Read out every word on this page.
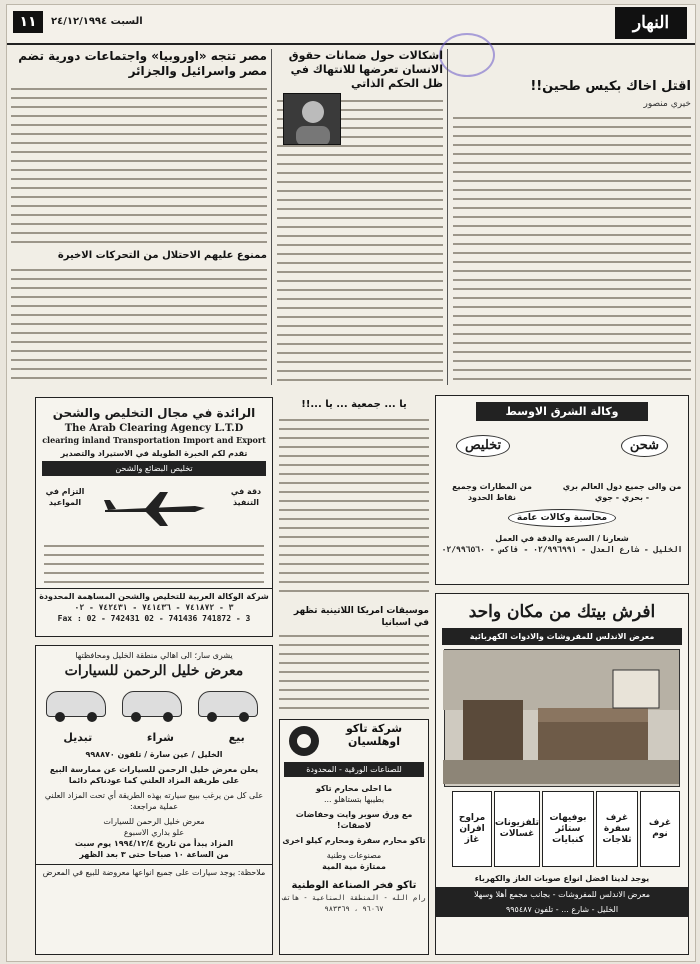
النهار
١١	السبت ٢٤/١٢/١٩٩٤
اقتل اخاك بكيس طحين!!
خيري منصور
اشكالات حول ضمانات حقوق الانسان تعرضها للانتهاك في ظل الحكم الذاتي
مصر تتجه «اوروبيا» واجتماعات دورية تضم مصر واسرائيل والجزائر
ممنوع عليهم الاحتلال من التحركات الاخيرة
الرائدة في مجال التخليص والشحن
The Arab Clearing Agency L.T.D
clearing inland Transportation Import and Export
تقدم لكم الخبرة الطويلة في الاستيراد والتصدير
تخليص البضائع والشحن
دقة في التنفيذ
التزام في المواعيد
شركة الوكالة العربية للتخليص والشحن المساهمة المحدودة
٣ - ٧٤١٨٧٢ - ٧٤١٤٣٦ - ٧٤٢٤٣١ - ٠٢
Fax : 02 - 742431 02 - 741436 741872 - 3
يا ... جمعية ... يا ...!!
موسيقات امريكا اللاتينية تظهر في اسبانيا
وكالة الشرق الاوسط
شحن
تخليص
من والى جميع دول العالم بري - بحري - جوي
من المطارات وجميع نقاط الحدود
محاسبة وكالات عامة
شعارنا / السرعة والدقة في العمل
الخليل - شارع العدل - ٠٢/٩٩٦٩٩١ - فاكس - ٠٢/٩٩٦٥٦٠
افرش بيتك من مكان واحد
معرض الاندلس للمفروشات والادوات الكهربائية
غرف نوم
غرف سفرة ثلاجات
بوفيهات ستائر كنبايات
تلفزيونات غسالات
مراوح افران غاز
يوجد لدينا افضل انواع صوبات الغاز والكهرباء
معرض الاندلس للمفروشات - بجانب مجمع أهلا وسهلا
الخليل - شارع ... - تلفون ٩٩٥٤٨٧
يشرى سار؛ الى اهالي منطقة الخليل ومحافظتها
معرض خليل الرحمن للسيارات
بيع
شراء
تبديل
الخليل / عين سارة / تلفون ٩٩٨٨٧٠
يعلن معرض خليل الرحمن للسيارات عن ممارسة البيع على طريقة المزاد العلني كما عودناكم دائما
على كل من يرغب ببيع سيارته بهذه الطريقة أي تحت المزاد العلني عملية مراجعة:
معرض خليل الرحمن للسيارات
علو بداري الاسبوع
المزاد يبدأ من تاريخ ١٩٩٤/١٢/٤ يوم سبت
من الساعة ١٠ صباحا حتى ٣ بعد الظهر
ملاحظة: يوجد سيارات على جميع انواعها معروضة للبيع في المعرض
شركة تاكو اوهلسيان
للصناعات الورقية - المحدودة
ما احلى محارم تاكو
بطيبها بتستاهلو ...
مع ورق سوبر وايت وحفاضات لاصقات!
تاكو محارم سفرة ومحارم كيلو اخرى
مصنوعات وطنية
ممتازة مية المية
تاكو فخر الصناعة الوطنية
رام الله - المنطقة الصناعية - هاتف ٩٦٠٦٧ ، ٩٨٣٣٦٩
